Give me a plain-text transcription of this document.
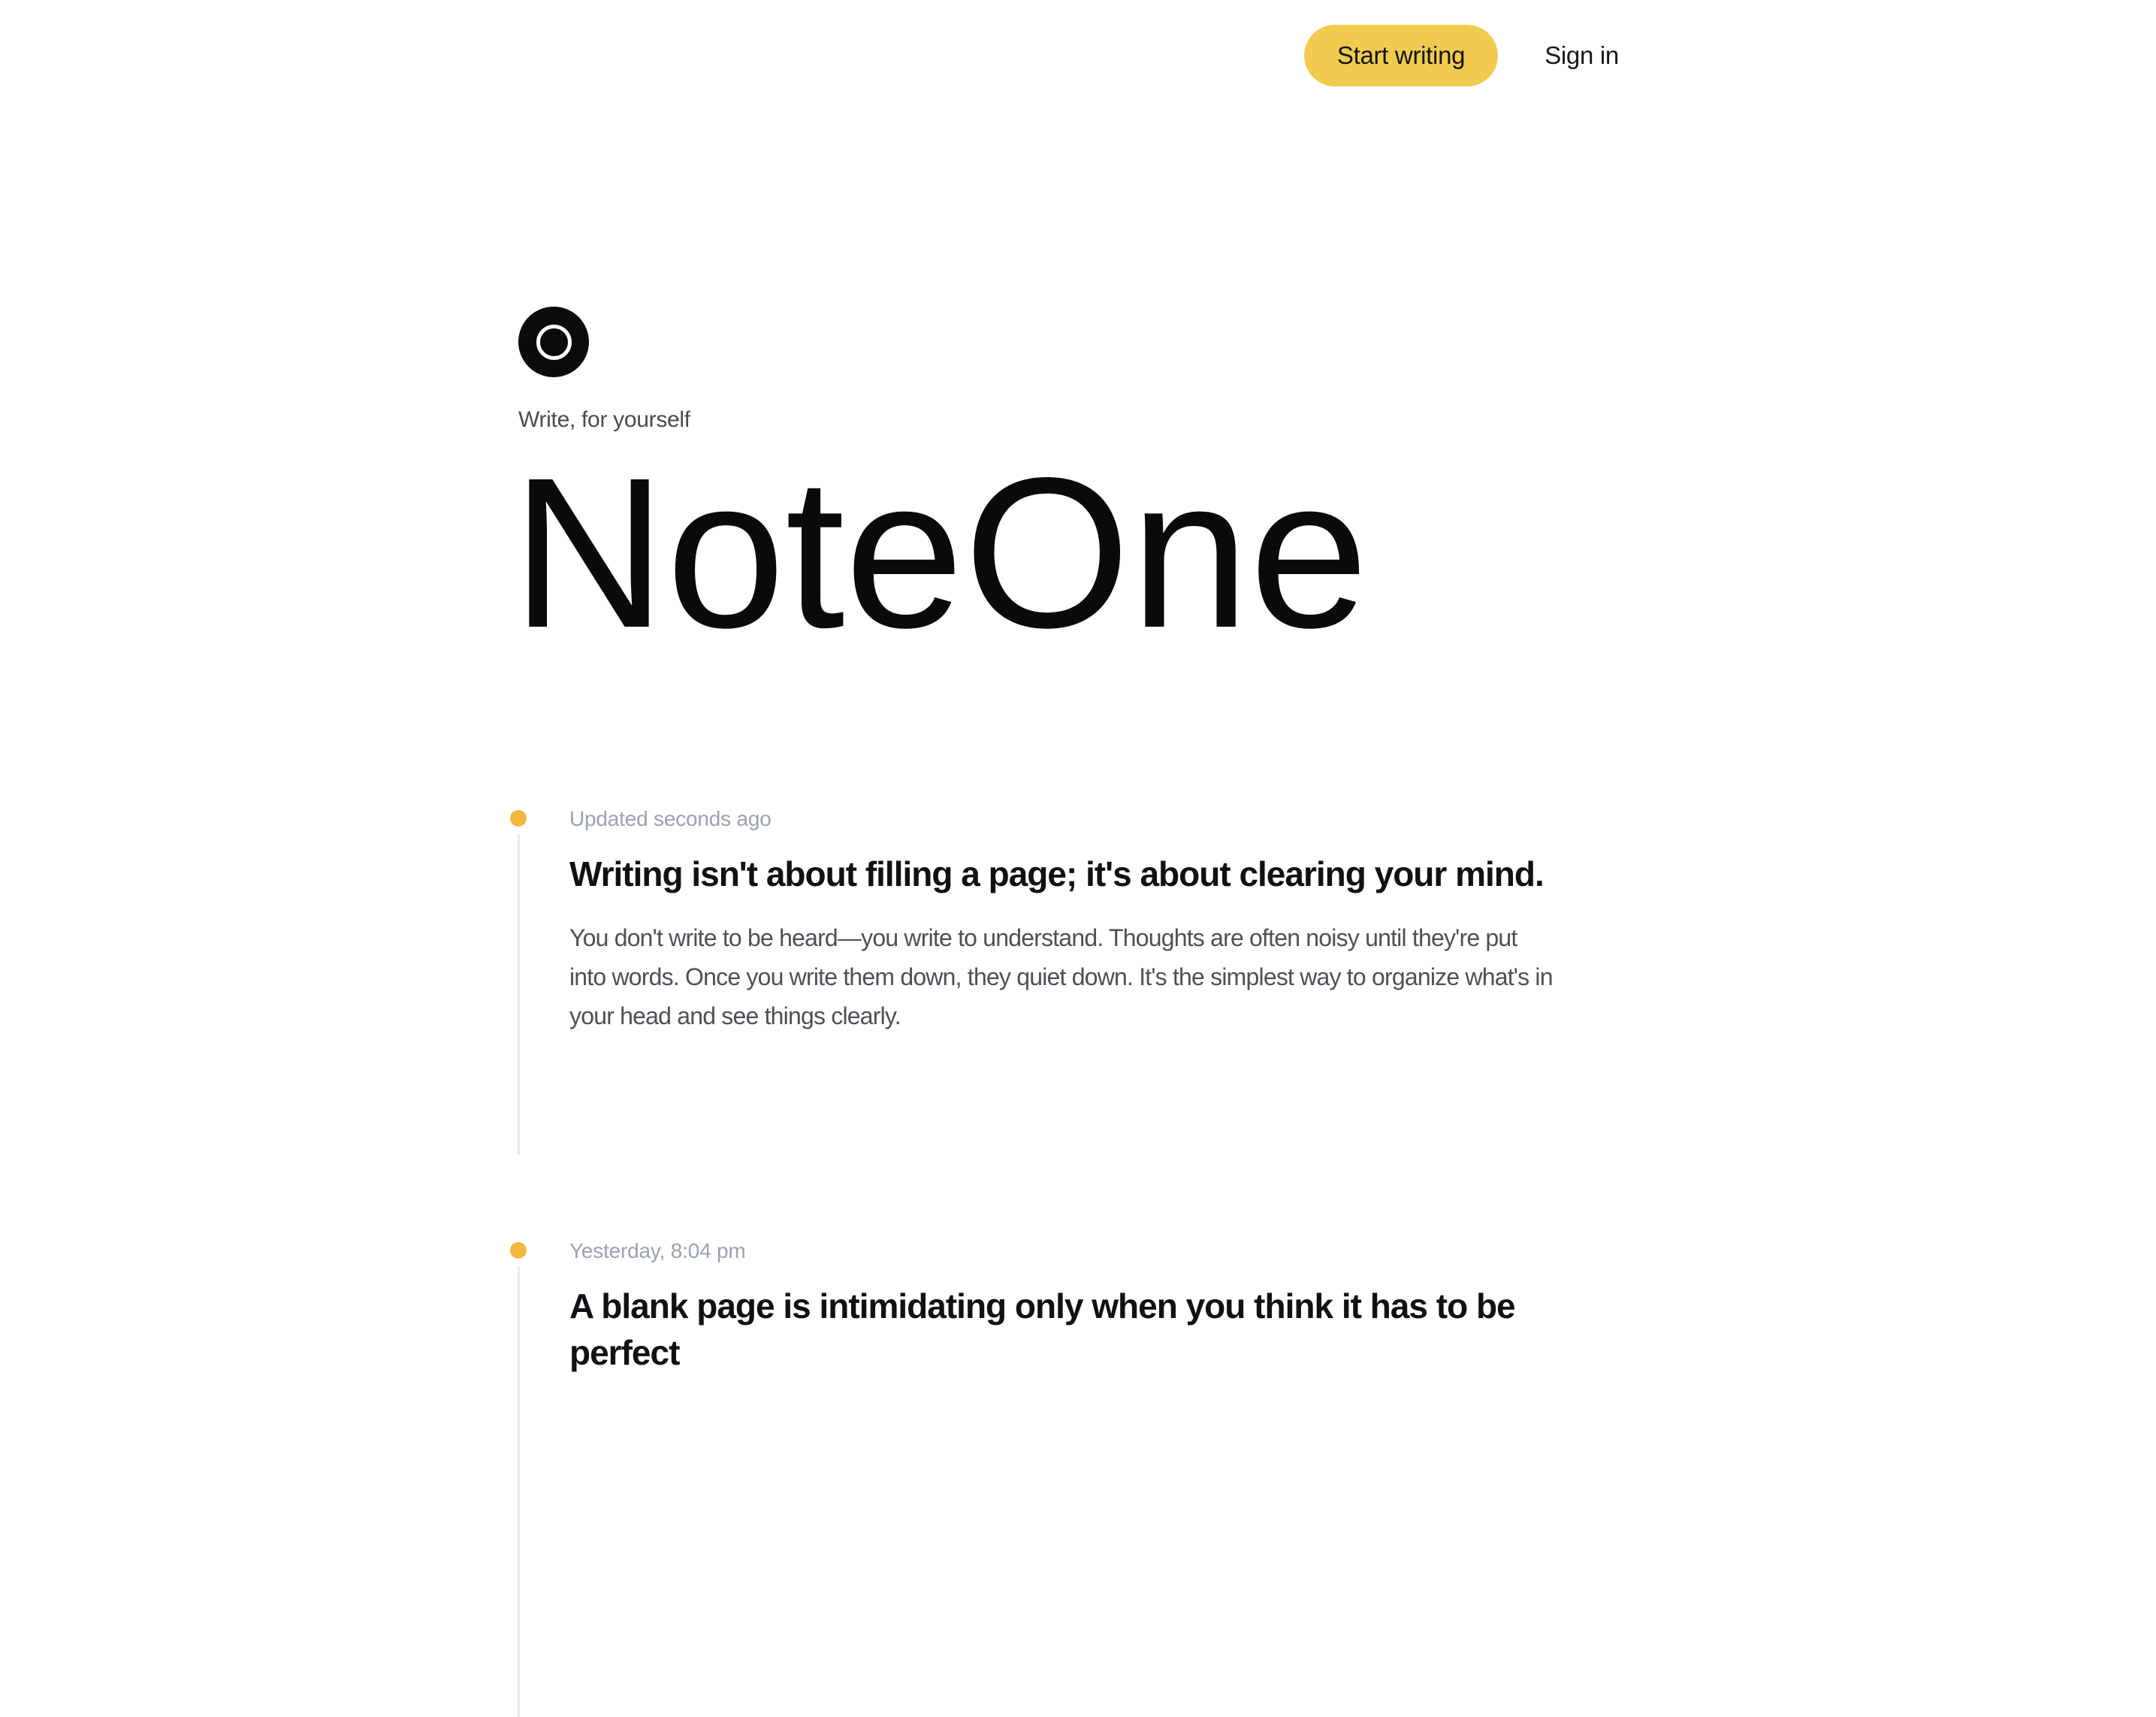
Start writing	Sign in
Write, for yourself
NoteOne
Updated seconds ago
Writing isn't about filling a page; it's about clearing your mind.
You don't write to be heard—you write to understand. Thoughts are often noisy until they're put
into words. Once you write them down, they quiet down. It's the simplest way to organize what's in
your head and see things clearly.
Yesterday, 8:04 pm
A blank page is intimidating only when you think it has to be
perfect
